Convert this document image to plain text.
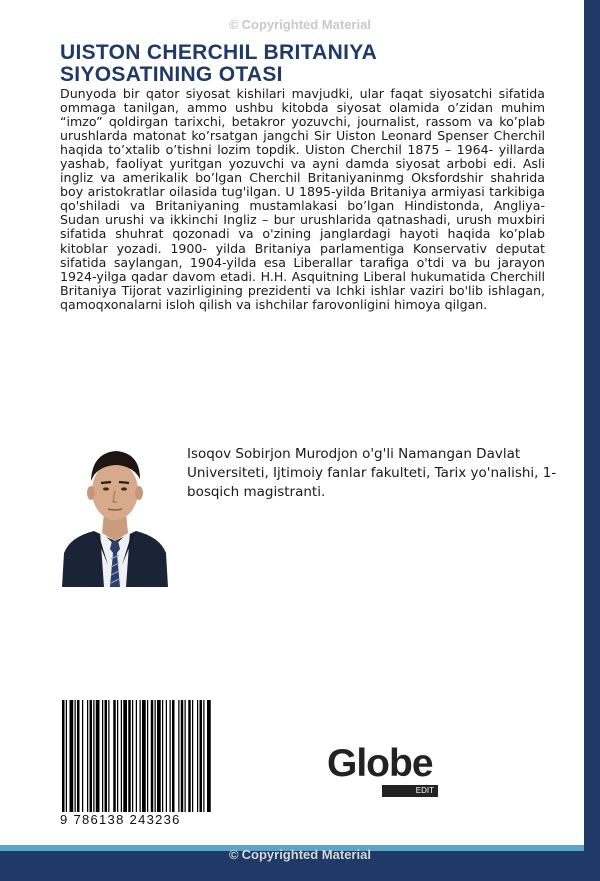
© Copyrighted Material
UISTON CHERCHIL BRITANIYA
SIYOSATINING OTASI
Dunyoda bir qator siyosat kishilari mavjudki, ular faqat siyosatchi sifatida ommaga tanilgan, ammo ushbu kitobda siyosat olamida o’zidan muhim “imzo” qoldirgan tarixchi, betakror yozuvchi, journalist, rassom va ko’plab urushlarda matonat ko’rsatgan jangchi Sir Uiston Leonard Spenser Cherchil haqida to’xtalib o’tishni lozim topdik. Uiston Cherchil 1875 – 1964- yillarda yashab, faoliyat yuritgan yozuvchi va ayni damda siyosat arbobi edi. Asli ingliz va amerikalik bo’lgan Cherchil Britaniyaninmg Oksfordshir shahrida boy aristokratlar oilasida tug'ilgan. U 1895-yilda Britaniya armiyasi tarkibiga qo'shiladi va Britaniyaning mustamlakasi bo’lgan Hindistonda, Angliya-Sudan urushi va ikkinchi Ingliz – bur urushlarida qatnashadi, urush muxbiri sifatida shuhrat qozonadi va o'zining janglardagi hayoti haqida ko’plab kitoblar yozadi. 1900- yilda Britaniya parlamentiga Konservativ deputat sifatida saylangan, 1904-yilda esa Liberallar tarafiga o'tdi va bu jarayon 1924-yilga qadar davom etadi. H.H. Asquitning Liberal hukumatida Cherchill Britaniya Tijorat vazirligining prezidenti va Ichki ishlar vaziri bo'lib ishlagan, qamoqxonalarni isloh qilish va ishchilar farovonligini himoya qilgan.
Isoqov Sobirjon Murodjon o'g'li Namangan Davlat Universiteti, Ijtimoiy fanlar fakulteti, Tarix yo'nalishi, 1-bosqich magistranti.
9 786138 243236
Globe
EDIT
© Copyrighted Material
